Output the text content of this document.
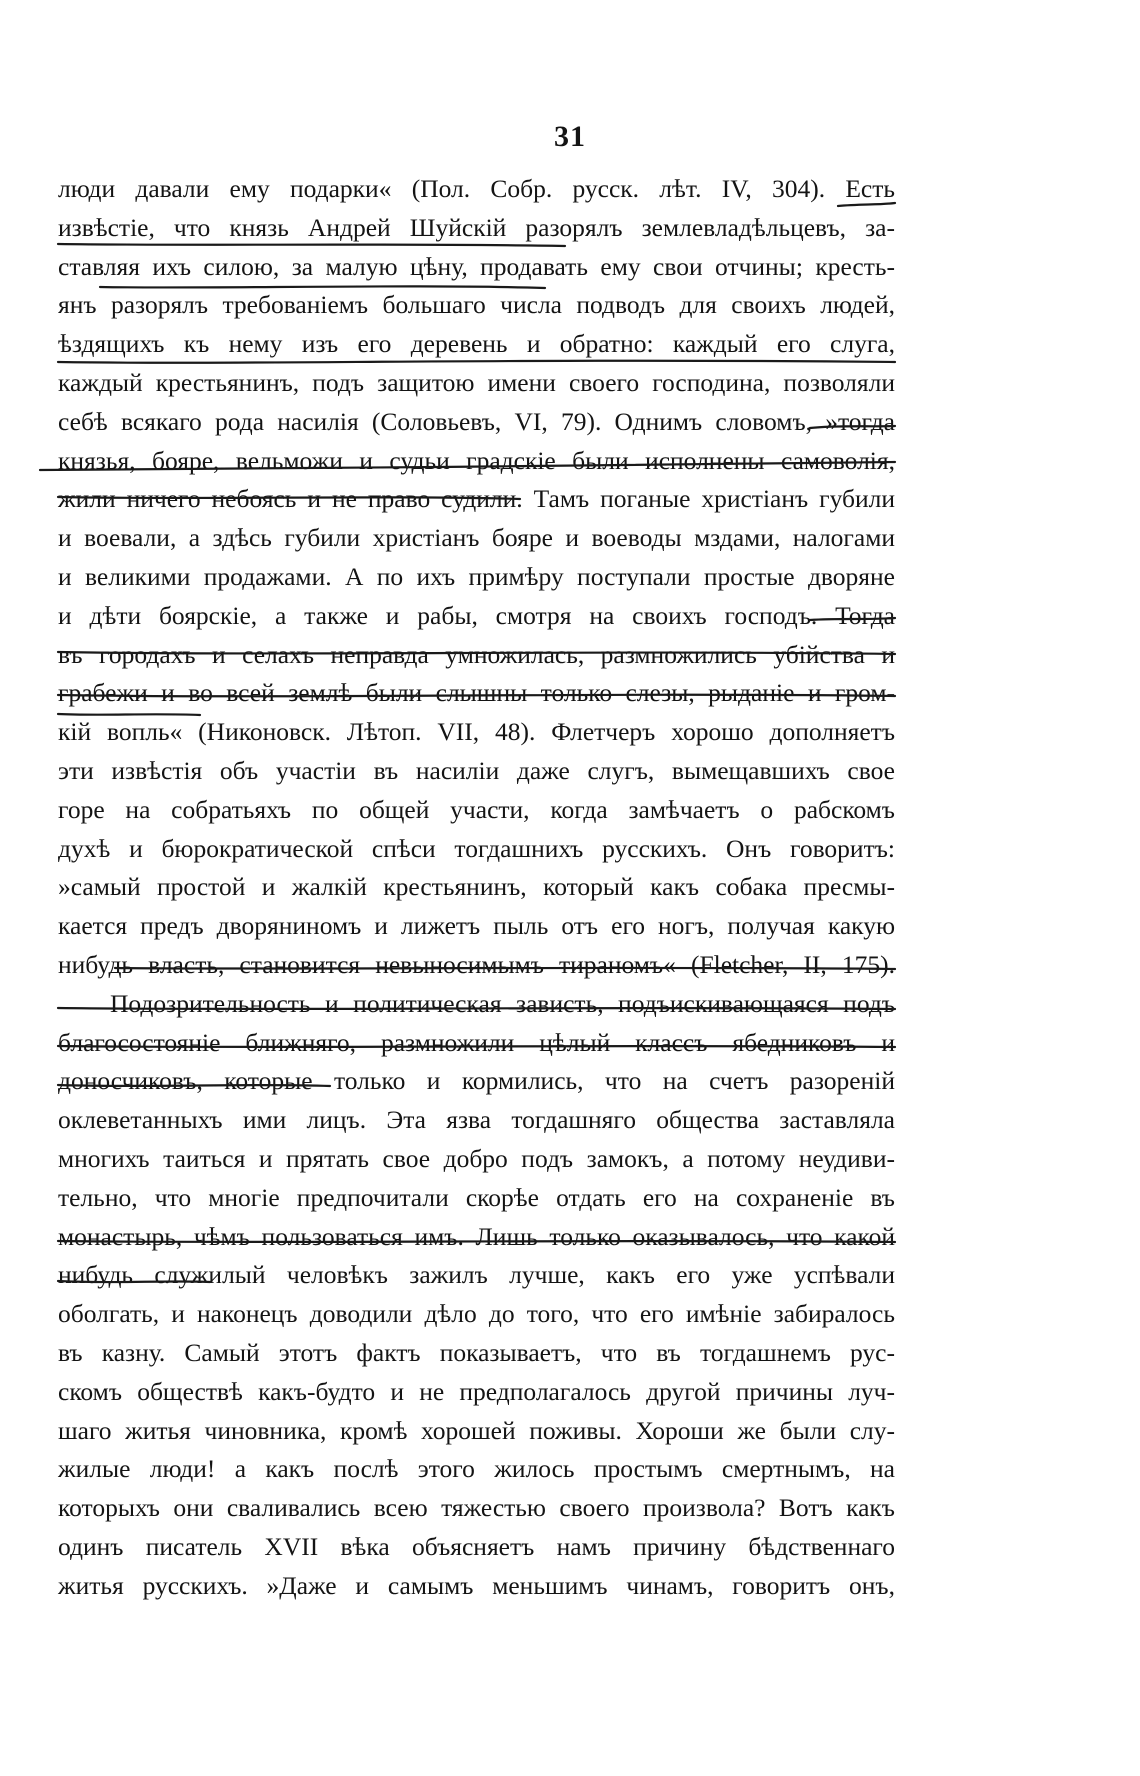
31
люди давали ему подарки« (Пол. Собр. русск. лѣт. IV, 304). Есть
извѣстіе, что князь Андрей Шуйскій разорялъ землевладѣльцевъ, за-
ставляя ихъ силою, за малую цѣну, продавать ему свои отчины; кресть-
янъ разорялъ требованіемъ большаго числа подводъ для своихъ людей,
ѣздящихъ къ нему изъ его деревень и обратно: каждый его слуга,
каждый крестьянинъ, подъ защитою имени своего господина, позволяли
себѣ всякаго рода насилія (Соловьевъ, VI, 79). Однимъ словомъ, »тогда
князья, бояре, вельможи и судьи градскіе были исполнены самоволія,
жили ничего небоясь и не право судили. Тамъ поганые христіанъ губили
и воевали, а здѣсь губили христіанъ бояре и воеводы мздами, налогами
и великими продажами. А по ихъ примѣру поступали простые дворяне
и дѣти боярскіе, а также и рабы, смотря на своихъ господъ. Тогда
въ городахъ и селахъ неправда умножилась, размножились убійства и
грабежи и во всей землѣ были слышны только слезы, рыданіе и гром-
кій вопль« (Никоновск. Лѣтоп. VII, 48). Флетчеръ хорошо дополняетъ
эти извѣстія объ участіи въ насиліи даже слугъ, вымещавшихъ свое
горе на собратьяхъ по общей участи, когда замѣчаетъ о рабскомъ
духѣ и бюрократической спѣси тогдашнихъ русскихъ. Онъ говоритъ:
»самый простой и жалкій крестьянинъ, который какъ собака пресмы-
кается предъ дворяниномъ и лижетъ пыль отъ его ногъ, получая какую
нибудь власть, становится невыносимымъ тираномъ« (Fletcher, II, 175).
Подозрительность и политическая зависть, подъискивающаяся подъ
благосостояніе ближняго, размножили цѣлый классъ ябедниковъ и
доносчиковъ, которые только и кормились, что на счетъ разореній
оклеветанныхъ ими лицъ. Эта язва тогдашняго общества заставляла
многихъ таиться и прятать свое добро подъ замокъ, а потому неудиви-
тельно, что многіе предпочитали скорѣе отдать его на сохраненіе въ
монастырь, чѣмъ пользоваться имъ. Лишь только оказывалось, что какой
нибудь служилый человѣкъ зажилъ лучше, какъ его уже успѣвали
оболгать, и наконецъ доводили дѣло до того, что его имѣніе забиралось
въ казну. Самый этотъ фактъ показываетъ, что въ тогдашнемъ рус-
скомъ обществѣ какъ-будто и не предполагалось другой причины луч-
шаго житья чиновника, кромѣ хорошей поживы. Хороши же были слу-
жилые люди! а какъ послѣ этого жилось простымъ смертнымъ, на
которыхъ они сваливались всею тяжестью своего произвола? Вотъ какъ
одинъ писатель XVII вѣка объясняетъ намъ причину бѣдственнаго
житья русскихъ. »Даже и самымъ меньшимъ чинамъ, говоритъ онъ,
